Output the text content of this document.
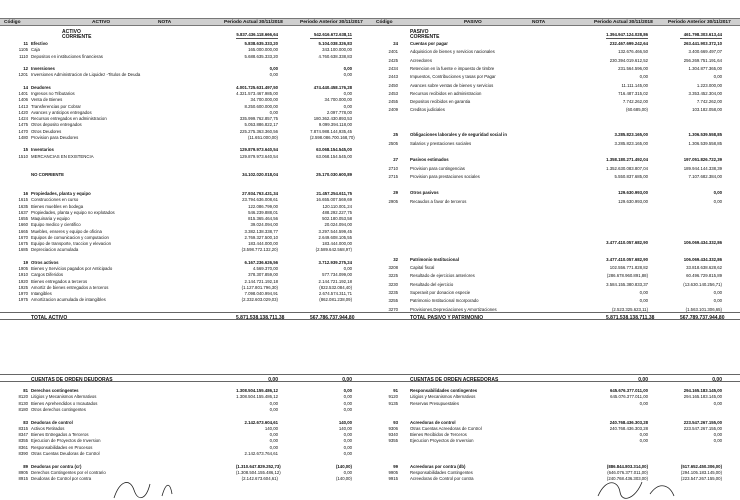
Código	ACTIVO	NOTA	Periodo Actual 30/11/2018	Periodo Anterior 30/11/2017	Código	PASIVO	NOTA	Periodo Actual 30/11/2018	Periodo Anterior 30/11/2017
ACTIVO
CORRIENTE	5.837.436.118.666,64	542.616.672.638,11
11 Efectivo	5.838.635.333,20	5.104.038.326,83
1105 Caja	165.000.000,00	343.100.000,00
1110 Depositos en instituciones financieras	5.688.635.333,20	4.760.638.338,83
12 Inversiones	0,00	0,00
1201 Inversiones Administracion de Liquidez -Titulos de Deuda	0,00	0,00
14 Deudores	4.001.725.631.497,50	474.440.458.176,28
1401 Ingresos no Tributarios	4.321.573.467.985,00	0,00
1406 Venta de Bienes	34.700.000,00	34.700.000,00
1413 Transferencias por Cobrar	8.250.600.000,00	0,00
1420 Avances y anticipos entregados	0,00	2.097.778,00
1424 Recursos entregados en administracion	335.999.762.857,75	180.362.430.893,53
1475 Otros deposito entregados	5.053.886.822,17	9.099.394.118,00
1470 Otros Deudores	225.275.363.360,56	7.874.988.144,935,45
1480 Provision para Deudores	(11.651.000,00)	(2.598.086.700.168,70)
15 Inventarios	129.879.973.640,54	63.068.154.545,00
1510 MERCANCIAS EN EXISTENCIA	129.879.973.640,54	63.068.154.545,00
NO CORRIENTE	34.102.020.018,04	25.170.030.600,89
16 Propiedades, planta y equipo	27.934.763.431,34	21.457.254.611,75
1615 Construcciones en curso	23.794.636.008,61	16.655.007.569,69
1635 Bienes muebles en bodega	122.086.799,00	120.110.001,24
1637 Propiedades, planta y equipo no explotados	546.239.888,01	488.292.227,75
1655 Maquinaria y equipo	815.365.464,56	502.180.053,58
1660 Equipo medico y cientifico	39.024.094,00	20.024.094,00
1665 Muebles, enseres y equipo de oficina	3.382.138.338,77	3.297.544.599,45
1670 Equipos de comunicacion y computacion	2.769.327.500,10	2.649.608.105,55
1675 Equipo de transporte, traccion y elevacion	183.444.000,00	183.444.000,00
1685 Depreciacion acumulada	(3.598.772.132,20)	(2.589.642.568,97)
19 Otros activos	6.167.236.626,56	3.712.939.275,24
1905 Bienes y Servicios pagados por Anticipado	4.569.370,00	0,00
1910 Cargos Diferidos	378.307.859,00	577.734.099,00
1920 Bienes entregados a terceros	2.144.721.192,18	2.144.721.192,18
1925 Amortiz de bienes entregados a terceros	(1.127.801.796,30)	(822.532.084,40)
1970 Intangibles	7.098.040.994,91	2.674.574.311,71
1975 Amortizacion acumulada de intangibles	(2.332.603.029,03)	(862.081.238,09)
TOTAL ACTIVO	5.871.538.138.711,38	567.786.737.944,80
CUENTAS DE ORDEN DEUDORAS	0,00	0,00
81 Derechos contingentes	1.308.504.155.486,12	0,00
8120 Litigios y Mecanismos Alternativos	1.308.504.155.486,12	0,00
8130 Bienes Aprehendidos o Incautados	0,00	0,00
8180 Otros derechos contingentes	0,00	0,00
83 Deudoras de control	2.142.673.604,61	140,00
8315 Activos Retirados	140,00	140,00
8347 Bienes Entregados a Terceros	0,00	0,00
8355 Ejecucion de Proyectos de Inversion	0,00	0,00
8361 Responsabilidades en Procesos	0,00	0,00
8390 Otras Cuentas Deudoras de Control	2.142.673.764,61	0,00
89 Deudoras por contra (cr)	(1.310.647.829.252,73)	(140,00)
8905 Derechos Contingentes por el contrario	(1.308.504.155.486,12)	0,00
8915 Deudoras de Control por contra	(2.142.673.604,61)	(140,00)
PASIVO
CORRIENTE	1.394.947.124.028,86	461.798.303.613,44
24	Cuentas por pagar	232.467.699.242,64	263.441.903.372,10
2401	Adquisicion de bienes y servicios nacionales	132.676.466,50	3.400.669.497,07
2425	Acreedores	230.394.019.612,52	256.269.751.191,64
2434	Retencion en la fuente e impuesto de timbre	231.564.596,00	1.304.877.365,00
2443	Impuestos, Contribuciones y tasas por Pagar	0,00	0,00
2450	Avances sobre ventas de bienes y servicios	11.111.145,00	1.223.000,00
2453	Recursos recibidos en administracion	716.487.315,02	3.353.452.304,00
2455	Depositos recibidos en garantia	7.742.262,00	7.742.262,00
2409	Creditos judiciales	(60.685,00)	103.182.058,00
25	Obligaciones laborales y de seguridad social in	3.285.823.165,00	1.306.539.558,85
2505	Salarios y prestaciones sociales	3.285.823.165,00	1.306.539.558,85
27	Pasivos estimados	1.358.180.271.492,04	197.051.826.722,39
2710	Provision para contingencias	1.352.630.083.807,04	189.944.144.338,39
2715	Provision para prestaciones sociales	5.550.837.685,00	7.107.682.384,00
29	Otros pasivos	129.630.993,00	0,00
2905	Recaudos a favor de terceros	129.630.993,00	0,00
3.477.410.057.682,90	106.069.434.332,86
32	Patrimonio Institucional	3.477.410.057.682,90	106.069.434.332,86
3208	Capital fiscal	102.556.771.828,82	33.818.638.628,62
3225	Resultado de ejercicios anteriores	(286.678.960.891,88)	60.496.729.815,89
3230	Resultado del ejercicio	3.584.155.380.833,37	(13.630.140.256,71)
3235	Superavit por donacion especie	0,00	0,00
3255	Patrimonio Institucional Incorporado	0,00	0,00
3270	Provisiones,Depreciaciones y Amortizaciones	(2.523.325.623,11)	(1.563.101.306,65)
TOTAL PASIVO Y PATRIMONIO	5.871.538.138.711,38	567.789.737.944,80
CUENTAS DE ORDEN ACREEDORAS	0,00	0,00
91	Responsabilidades contingentes	645.676.377.011,00	294.165.183.145,00
9120	Litigios y Mecanismos Alternativos	645.076.377.011,00	294.165.183.145,00
9135	Reservas Presupuestales	0,00	0,00
93	Acreedoras de control	240.768.436.303,28	223.547.267.155,00
9306	Otras Cuentas Acreedoras de Control	240.768.436.303,28	223.547.267.155,00
9340	Bienes Recibidos de Terceros	0,00	0,00
9355	Ejecucion Proyectos de Inversion	0,00	0,00
99	Acreedoras por contra (db)	(886.844.803.314,00)	(517.652.450.306,00)
9905	Responsabilidades Contingentes	(646.076.377.011,00)	(294.105.183.145,00)
9915	Acreedoras de Control por contra	(240.768.436.303,00)	(223.547.267.155,00)
